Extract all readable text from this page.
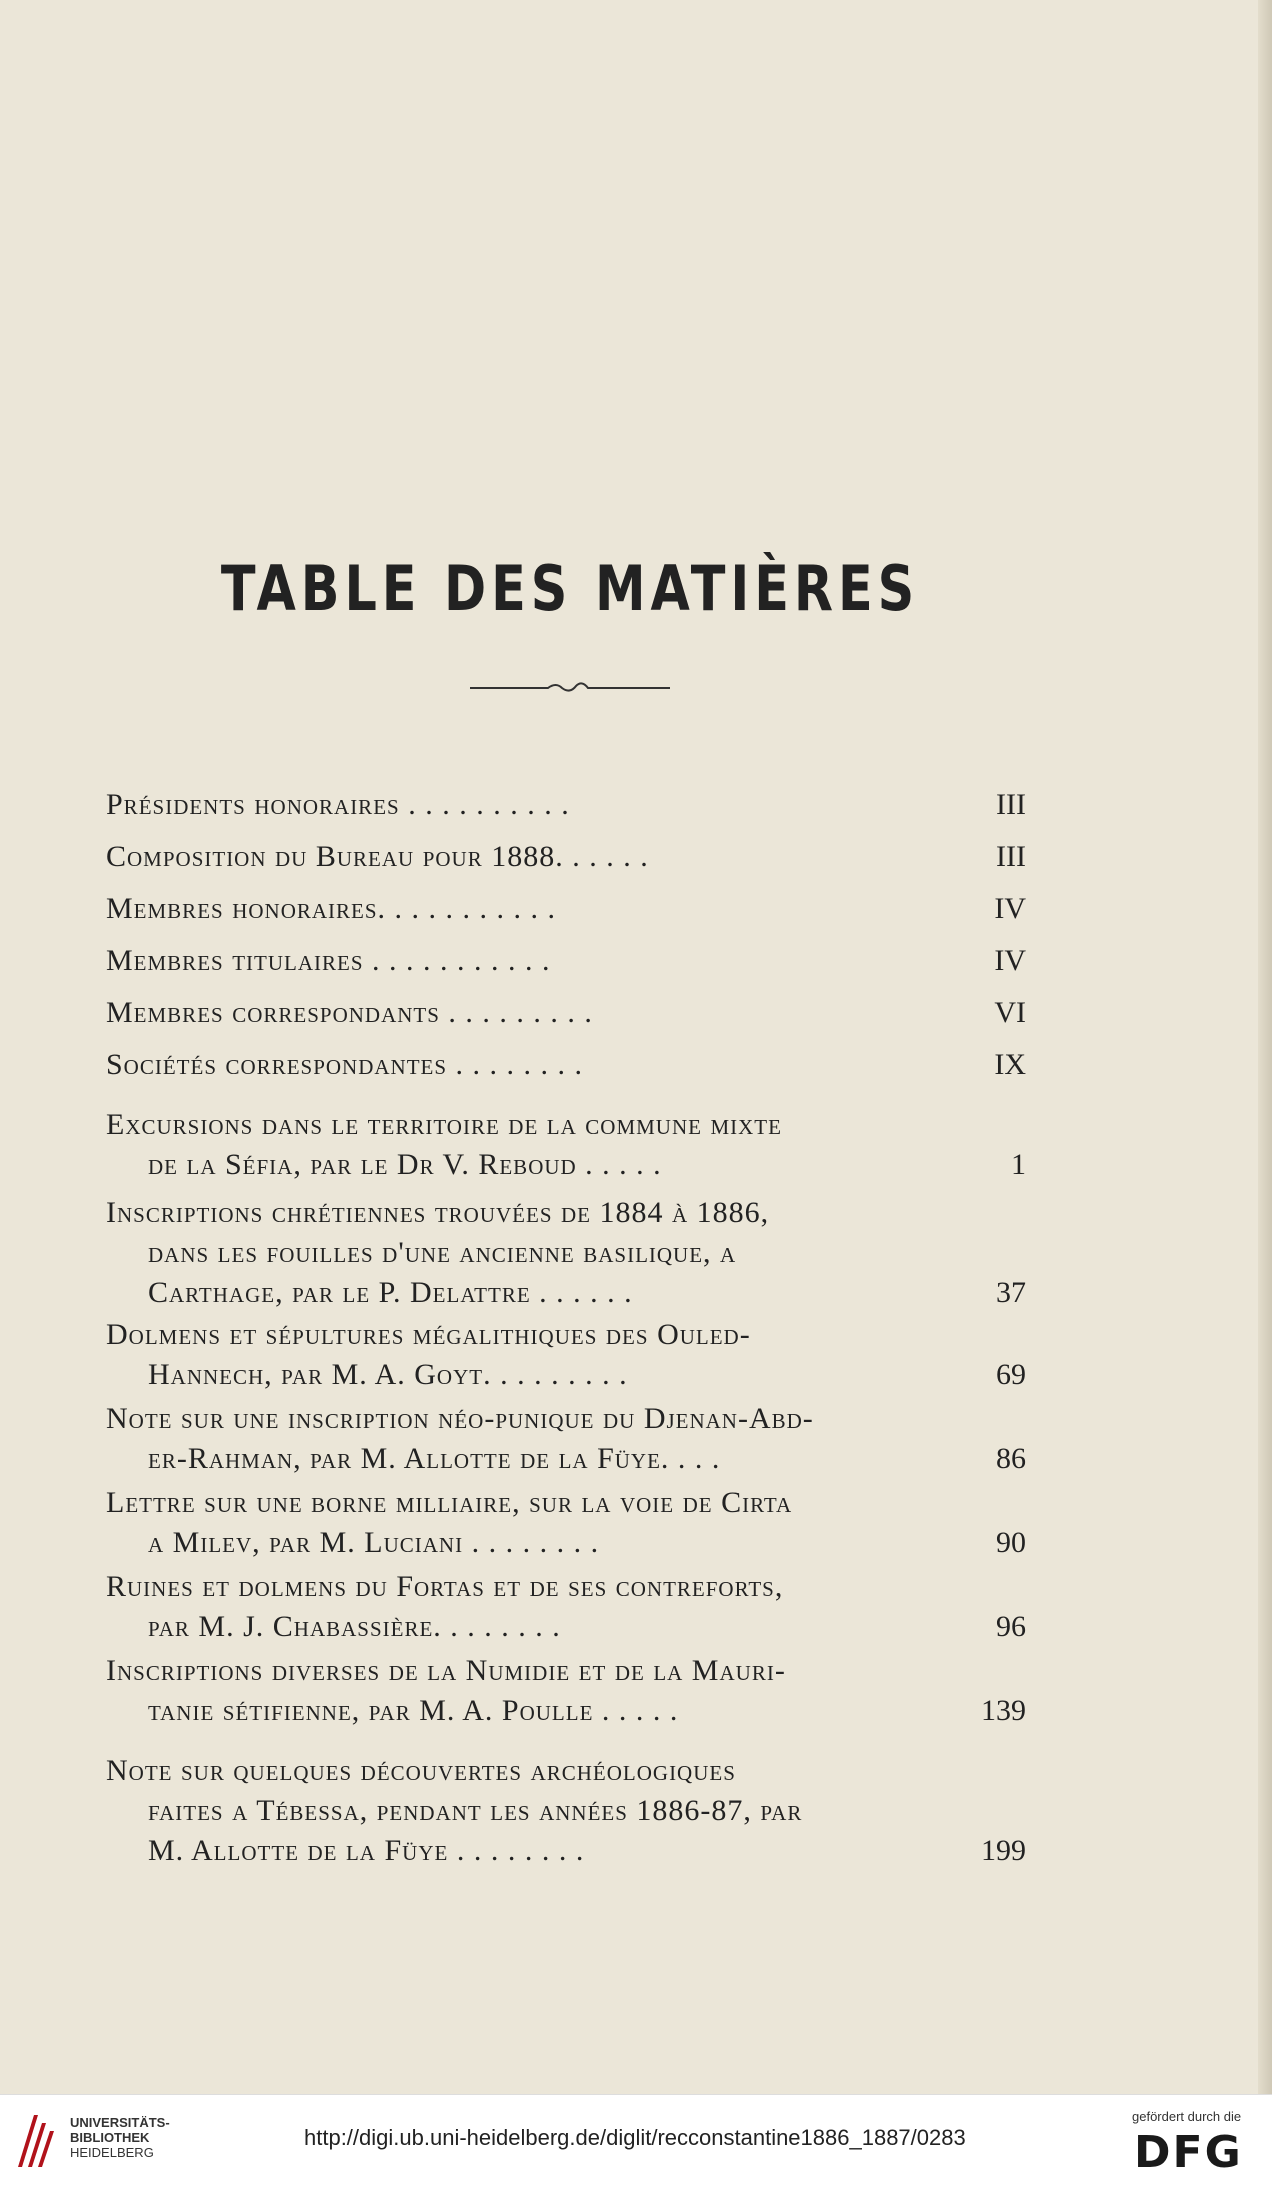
TABLE DES MATIÈRES
Présidents honoraires . . . . . . . . . .	III
Composition du Bureau pour 1888. . . . . .	III
Membres honoraires. . . . . . . . . . .	IV
Membres titulaires . . . . . . . . . . .	IV
Membres correspondants . . . . . . . . .	VI
Sociétés correspondantes . . . . . . . .	IX
Excursions dans le territoire de la commune mixte
de la Séfia, par le Dr V. Reboud . . . . .	1
Inscriptions chrétiennes trouvées de 1884 à 1886,
dans les fouilles d'une ancienne basilique, a
Carthage, par le P. Delattre . . . . . .	37
Dolmens et sépultures mégalithiques des Ouled-
Hannech, par M. A. Goyt. . . . . . . . .	69
Note sur une inscription néo-punique du Djenan-Abd-
er-Rahman, par M. Allotte de la Füye. . . .	86
Lettre sur une borne milliaire, sur la voie de Cirta
a Milev, par M. Luciani . . . . . . . .	90
Ruines et dolmens du Fortas et de ses contreforts,
par M. J. Chabassière. . . . . . . .	96
Inscriptions diverses de la Numidie et de la Mauri-
tanie sétifienne, par M. A. Poulle . . . . .	139
Note sur quelques découvertes archéologiques
faites a Tébessa, pendant les années 1886-87, par
M. Allotte de la Füye . . . . . . . .	199
UNIVERSITÄTS-
BIBLIOTHEK
HEIDELBERG
http://digi.ub.uni-heidelberg.de/diglit/recconstantine1886_1887/0283
gefördert durch die
DFG
